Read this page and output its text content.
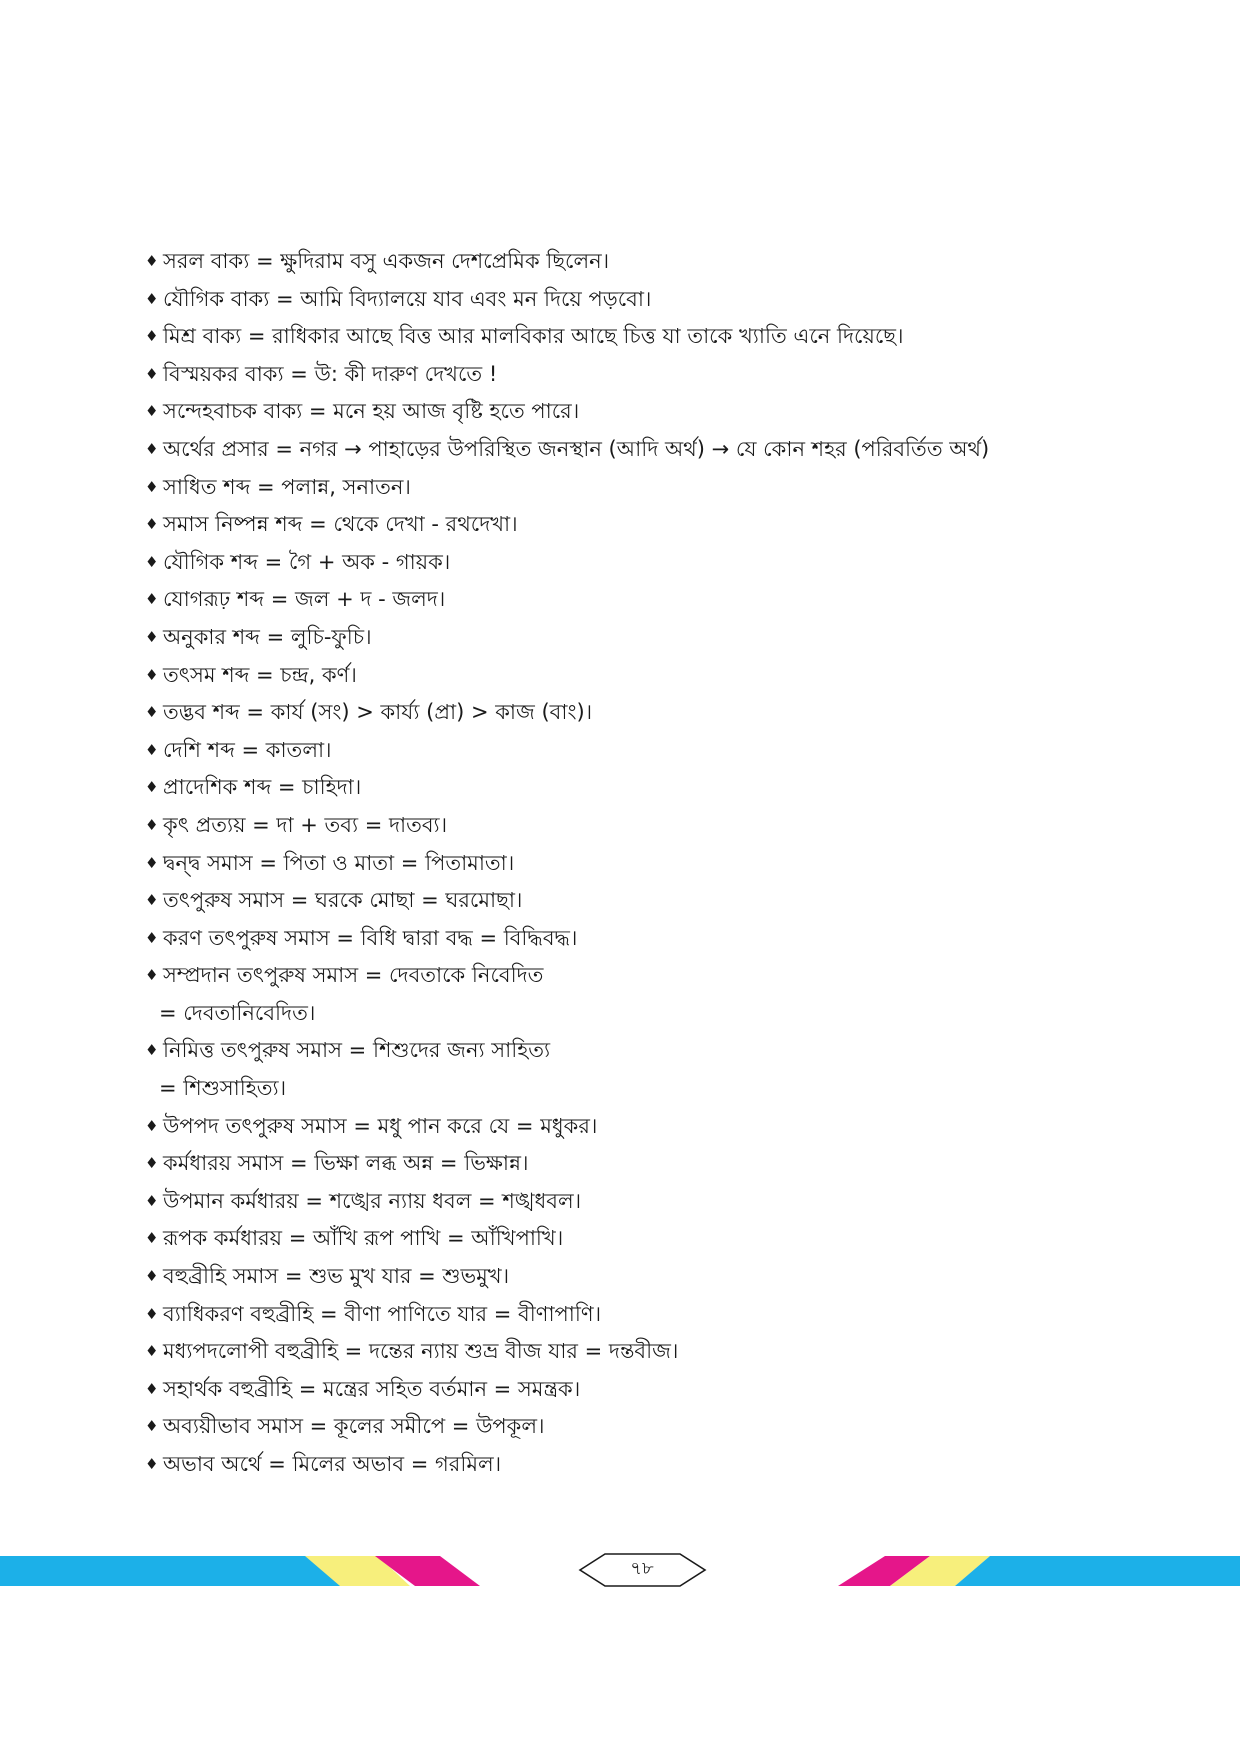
♦ সরল বাক্য = ক্ষুদিরাম বসু একজন দেশপ্রেমিক ছিলেন।
♦ যৌগিক বাক্য = আমি বিদ্যালয়ে যাব এবং মন দিয়ে পড়বো।
♦ মিশ্র বাক্য = রাধিকার আছে বিত্ত আর মালবিকার আছে চিত্ত যা তাকে খ্যাতি এনে দিয়েছে।
♦ বিস্ময়কর বাক্য = উ: কী দারুণ দেখতে !
♦ সন্দেহবাচক বাক্য = মনে হয় আজ বৃষ্টি হতে পারে।
♦ অর্থের প্রসার = নগর → পাহাড়ের উপরিস্থিত জনস্থান (আদি অর্থ) → যে কোন শহর (পরিবর্তিত অর্থ)
♦ সাধিত শব্দ = পলান্ন, সনাতন।
♦ সমাস নিষ্পন্ন শব্দ = থেকে দেখা - রথদেখা।
♦ যৌগিক শব্দ = গৈ + অক - গায়ক।
♦ যোগরূঢ় শব্দ = জল + দ - জলদ।
♦ অনুকার শব্দ = লুচি-ফুচি।
♦ তৎসম শব্দ = চন্দ্র, কর্ণ।
♦ তদ্ভব শব্দ = কার্য (সং) > কার্য্য (প্রা) > কাজ (বাং)।
♦ দেশি শব্দ = কাতলা।
♦ প্রাদেশিক শব্দ = চাহিদা।
♦ কৃৎ প্রত্যয় = দা + তব্য = দাতব্য।
♦ দ্বন্দ্ব সমাস = পিতা ও মাতা = পিতামাতা।
♦ তৎপুরুষ সমাস = ঘরকে মোছা = ঘরমোছা।
♦ করণ তৎপুরুষ সমাস = বিধি দ্বারা বদ্ধ = বিদ্ধিবদ্ধ।
♦ সম্প্রদান তৎপুরুষ সমাস = দেবতাকে নিবেদিত
= দেবতানিবেদিত।
♦ নিমিত্ত তৎপুরুষ সমাস = শিশুদের জন্য সাহিত্য
= শিশুসাহিত্য।
♦ উপপদ তৎপুরুষ সমাস = মধু পান করে যে = মধুকর।
♦ কর্মধারয় সমাস = ভিক্ষা লব্ধ অন্ন = ভিক্ষান্ন।
♦ উপমান কর্মধারয় = শঙ্খের ন্যায় ধবল = শঙ্খধবল।
♦ রূপক কর্মধারয় = আঁখি রূপ পাখি = আঁখিপাখি।
♦ বহুব্রীহি সমাস = শুভ মুখ যার = শুভমুখ।
♦ ব্যাধিকরণ বহুব্রীহি = বীণা পাণিতে যার = বীণাপাণি।
♦ মধ্যপদলোপী বহুব্রীহি = দন্তের ন্যায় শুভ্র বীজ যার = দন্তবীজ।
♦ সহার্থক বহুব্রীহি = মন্ত্রের সহিত বর্তমান = সমন্ত্রক।
♦ অব্যয়ীভাব সমাস = কূলের সমীপে = উপকূল।
♦ অভাব অর্থে = মিলের অভাব = গরমিল।
৭৮
